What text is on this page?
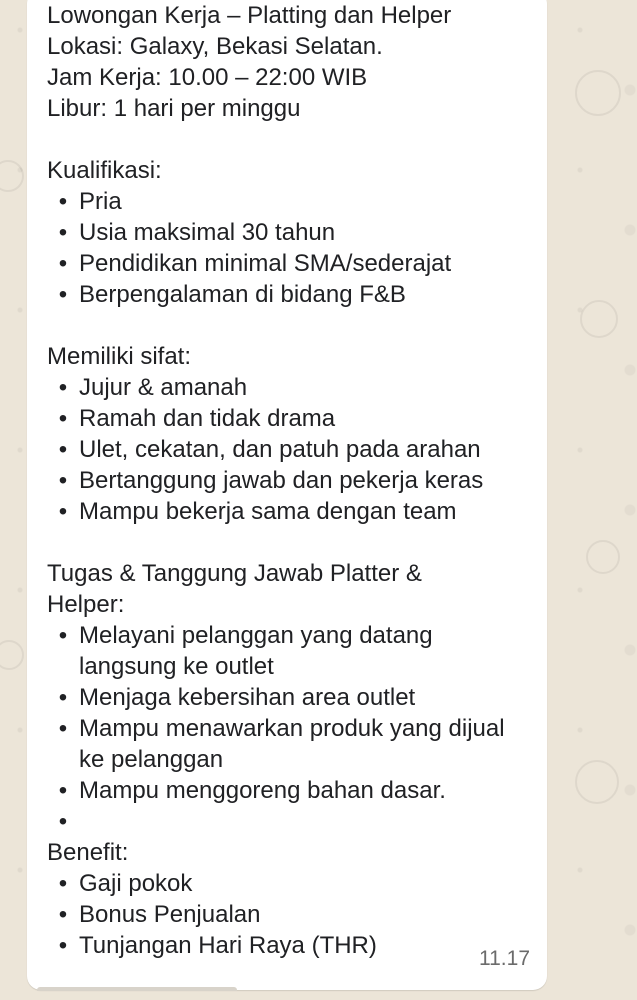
Lowongan Kerja – Platting dan Helper
Lokasi: Galaxy, Bekasi Selatan.
Jam Kerja: 10.00 – 22:00 WIB
Libur: 1 hari per minggu
Kualifikasi:
• Pria
• Usia maksimal 30 tahun
• Pendidikan minimal SMA/sederajat
• Berpengalaman di bidang F&B
Memiliki sifat:
• Jujur & amanah
• Ramah dan tidak drama
• Ulet, cekatan, dan patuh pada arahan
• Bertanggung jawab dan pekerja keras
• Mampu bekerja sama dengan team
Tugas & Tanggung Jawab Platter &
Helper:
• Melayani pelanggan yang datang langsung ke outlet
• Menjaga kebersihan area outlet
• Mampu menawarkan produk yang dijual ke pelanggan
• Mampu menggoreng bahan dasar.
•
Benefit:
• Gaji pokok
• Bonus Penjualan
• Tunjangan Hari Raya (THR)	11.17
